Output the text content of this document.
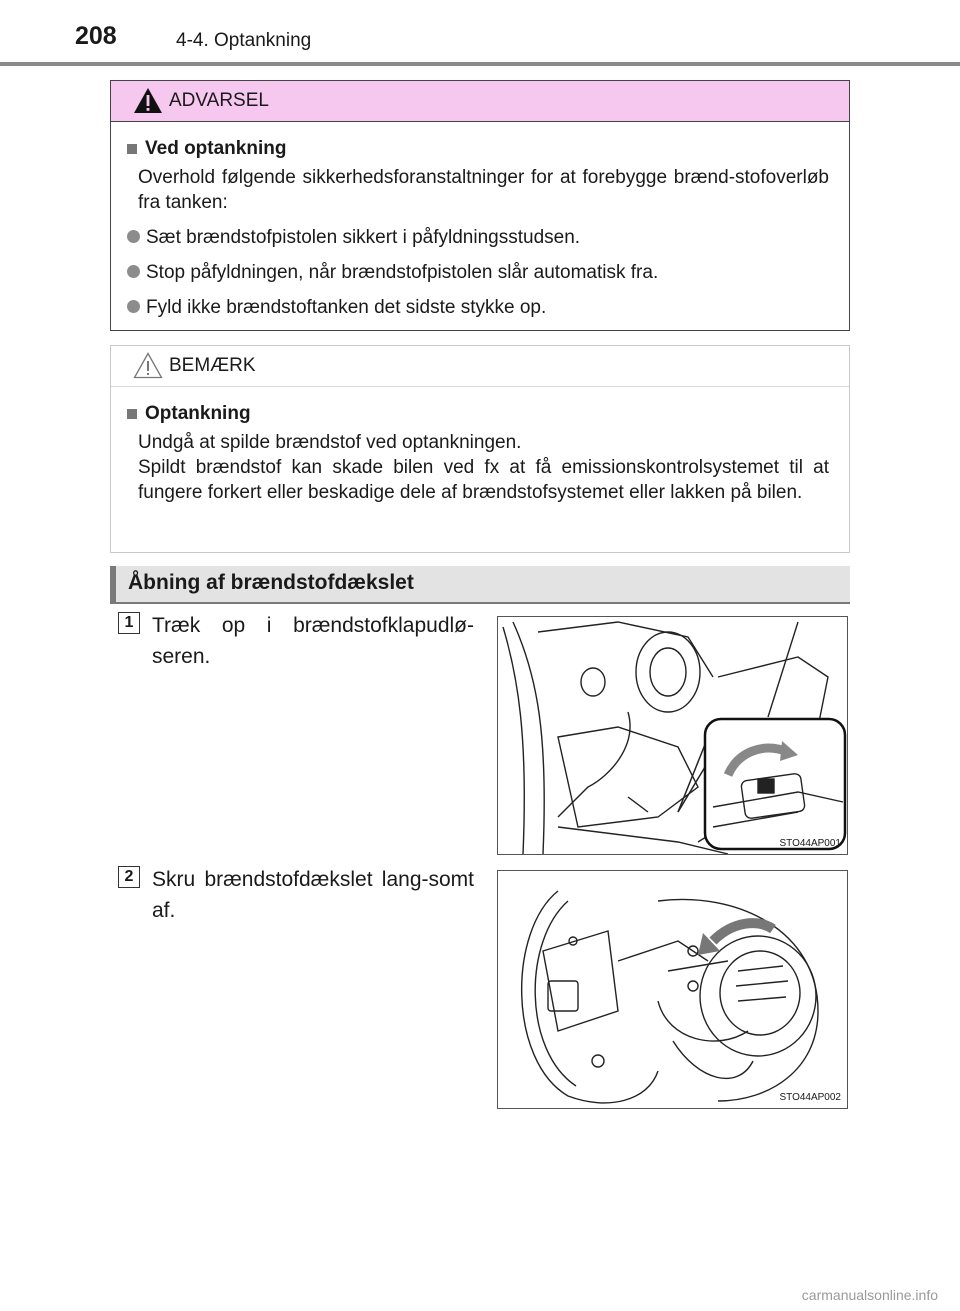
208	4-4. Optankning
ADVARSEL
Ved optankning
Overhold følgende sikkerhedsforanstaltninger for at forebygge brænd-stofoverløb fra tanken:
Sæt brændstofpistolen sikkert i påfyldningsstudsen.
Stop påfyldningen, når brændstofpistolen slår automatisk fra.
Fyld ikke brændstoftanken det sidste stykke op.
BEMÆRK
Optankning
Undgå at spilde brændstof ved optankningen.
Spildt brændstof kan skade bilen ved fx at få emissionskontrolsystemet til at fungere forkert eller beskadige dele af brændstofsystemet eller lakken på bilen.
Åbning af brændstofdækslet
1 Træk op i brændstofklapudlø-seren.
STO44AP001
2 Skru brændstofdækslet lang-somt af.
STO44AP002
carmanualsonline.info
